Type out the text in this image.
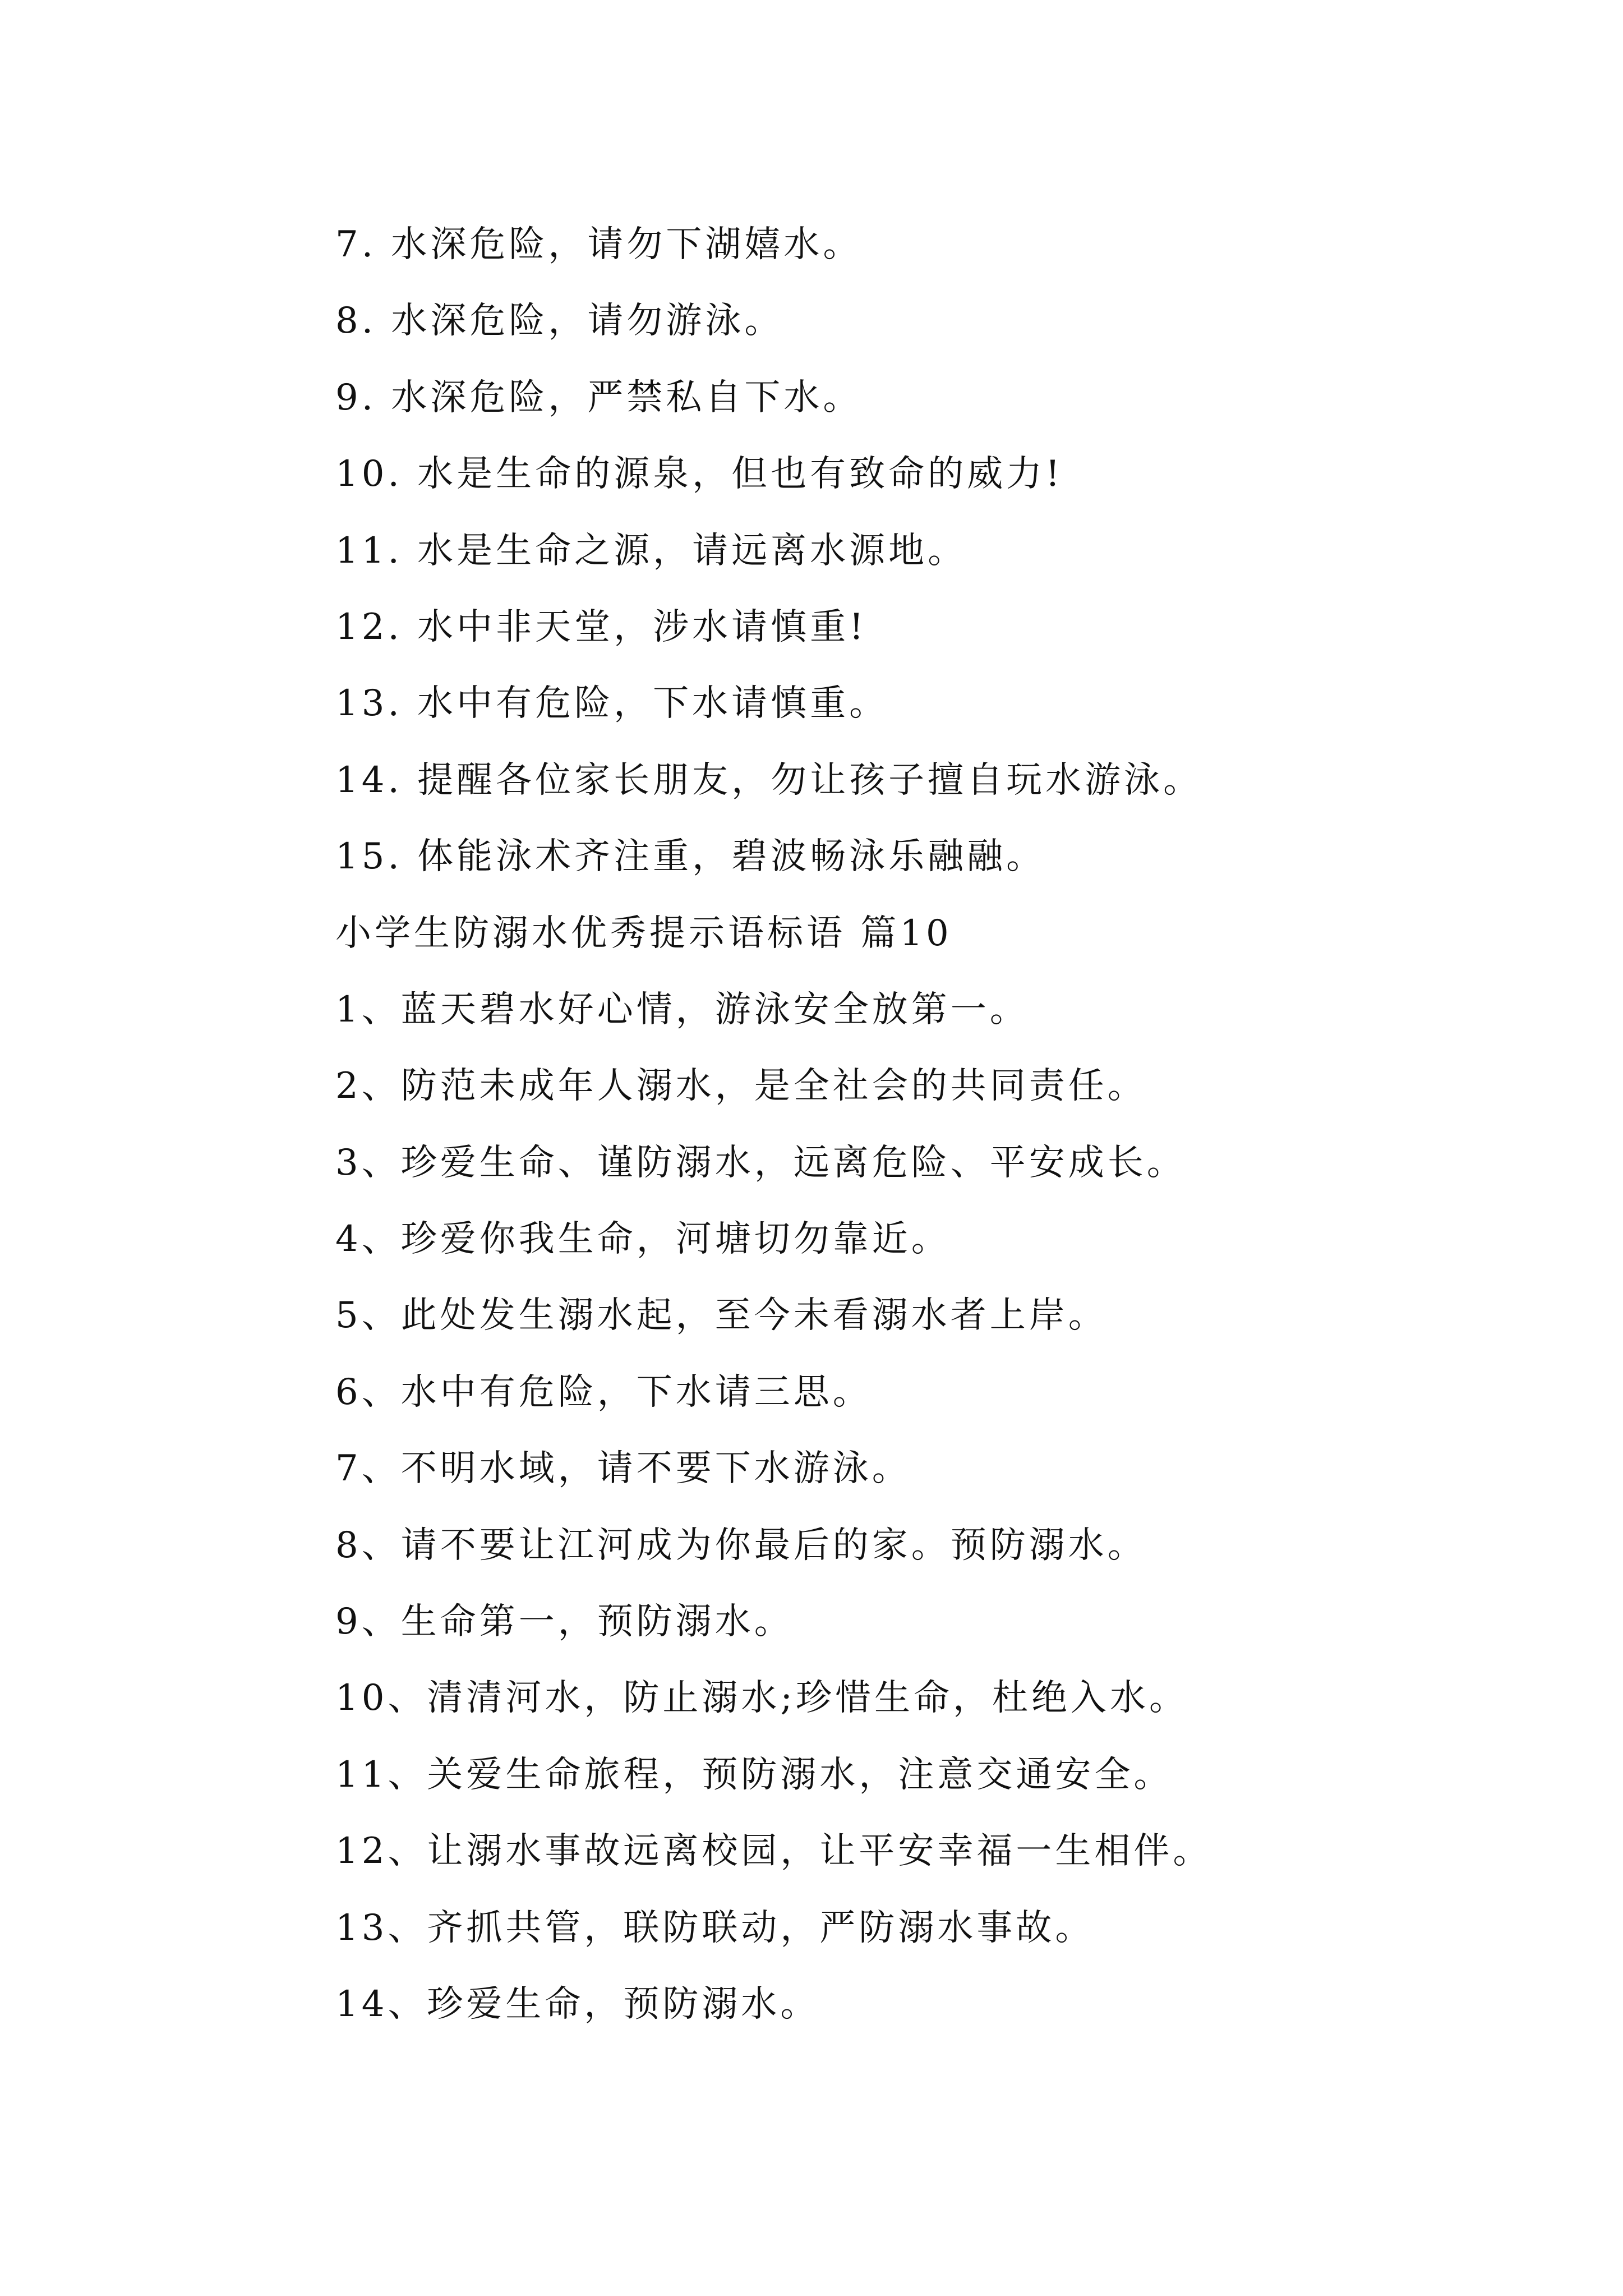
7. 水深危险，请勿下湖嬉水。
8. 水深危险，请勿游泳。
9. 水深危险，严禁私自下水。
10. 水是生命的源泉，但也有致命的威力!
11. 水是生命之源，请远离水源地。
12. 水中非天堂，涉水请慎重!
13. 水中有危险，下水请慎重。
14. 提醒各位家长朋友，勿让孩子擅自玩水游泳。
15. 体能泳术齐注重，碧波畅泳乐融融。
小学生防溺水优秀提示语标语 篇10
1、蓝天碧水好心情，游泳安全放第一。
2、防范未成年人溺水，是全社会的共同责任。
3、珍爱生命、谨防溺水，远离危险、平安成长。
4、珍爱你我生命，河塘切勿靠近。
5、此处发生溺水起，至今未看溺水者上岸。
6、水中有危险，下水请三思。
7、不明水域，请不要下水游泳。
8、请不要让江河成为你最后的家。预防溺水。
9、生命第一，预防溺水。
10、清清河水，防止溺水;珍惜生命，杜绝入水。
11、关爱生命旅程，预防溺水，注意交通安全。
12、让溺水事故远离校园，让平安幸福一生相伴。
13、齐抓共管，联防联动，严防溺水事故。
14、珍爱生命，预防溺水。
